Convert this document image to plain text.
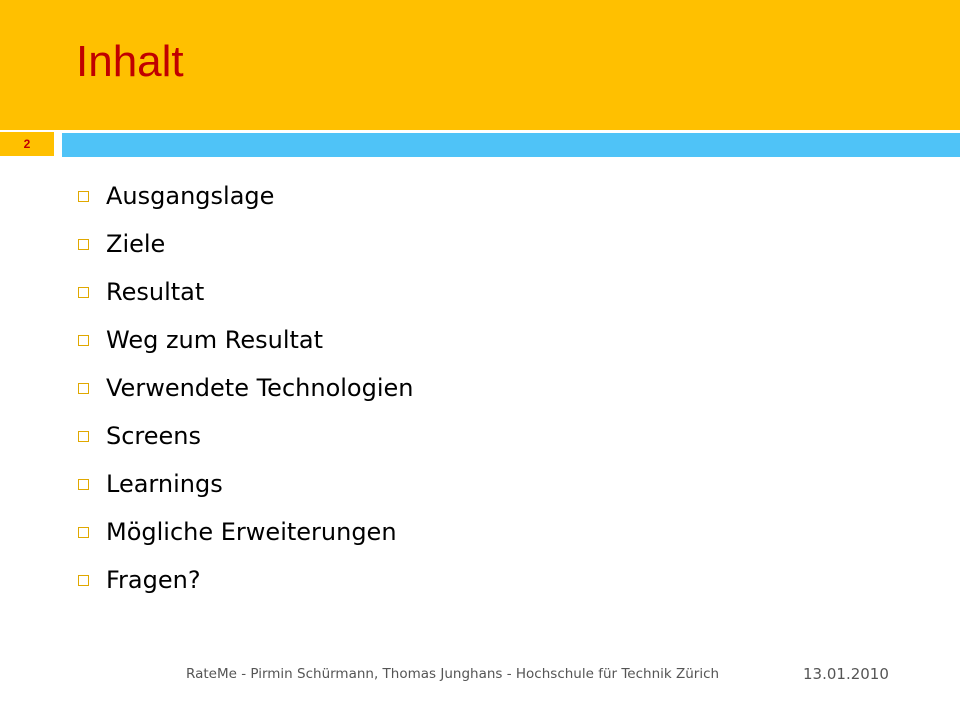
Inhalt
2
Ausgangslage
Ziele
Resultat
Weg zum Resultat
Verwendete Technologien
Screens
Learnings
Mögliche Erweiterungen
Fragen?
RateMe - Pirmin Schürmann, Thomas Junghans - Hochschule für Technik Zürich	13.01.2010
